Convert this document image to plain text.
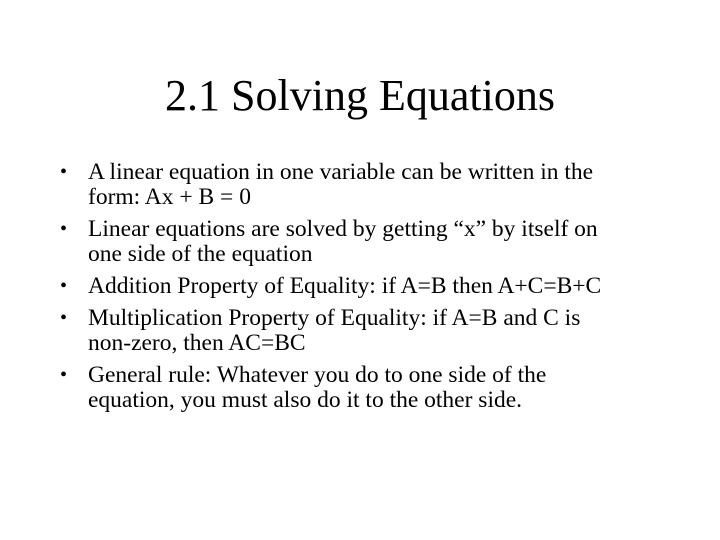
2.1 Solving Equations
• A linear equation in one variable can be written in the
form: Ax + B = 0
• Linear equations are solved by getting “x” by itself on
one side of the equation
• Addition Property of Equality: if A=B then A+C=B+C
• Multiplication Property of Equality: if A=B and C is
non-zero, then AC=BC
• General rule: Whatever you do to one side of the
equation, you must also do it to the other side.
